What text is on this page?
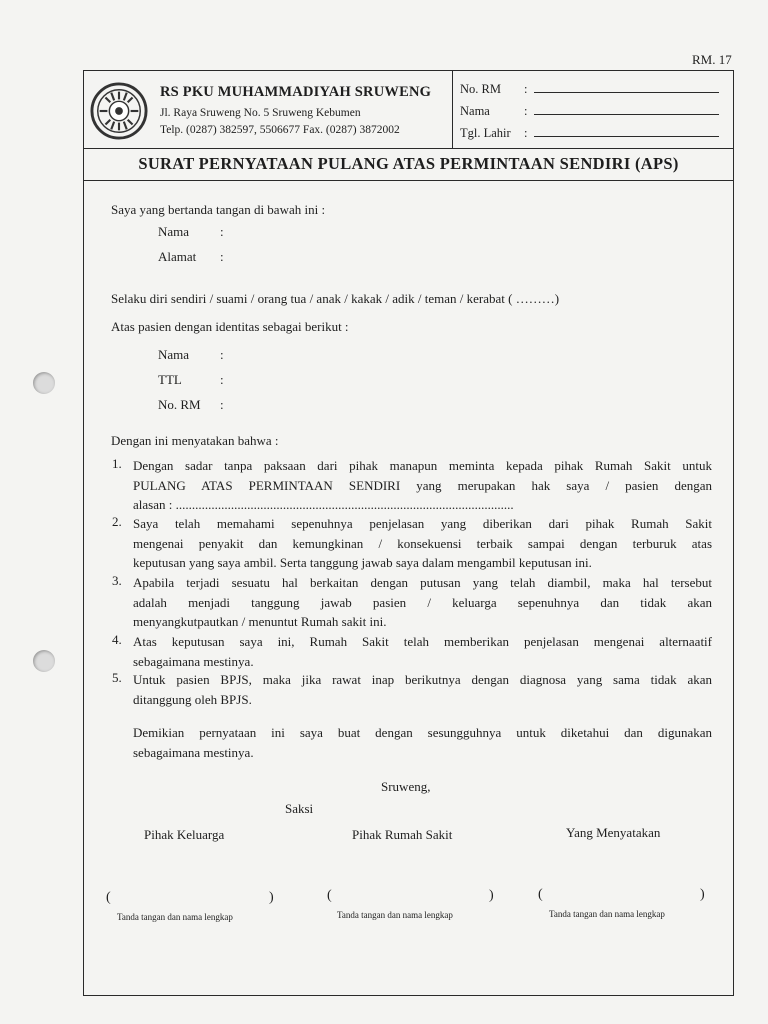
RM. 17
RS PKU MUHAMMADIYAH SRUWENG
Jl. Raya Sruweng No. 5 Sruweng Kebumen
Telp. (0287) 382597, 5506677 Fax. (0287) 3872002
No. RM :
Nama	:
Tgl. Lahir :
SURAT PERNYATAAN PULANG ATAS PERMINTAAN SENDIRI (APS)
Saya yang bertanda tangan di bawah ini :
Nama :
Alamat :
Selaku diri sendiri / suami / orang tua / anak / kakak / adik / teman / kerabat ( ………)
Atas pasien dengan identitas sebagai berikut :
Nama :
TTL	:
No. RM :
Dengan ini menyatakan bahwa :
1. Dengan sadar tanpa paksaan dari pihak manapun meminta kepada pihak Rumah Sakit untuk
PULANG ATAS PERMINTAAN SENDIRI yang merupakan hak saya / pasien dengan
alasan : ........................................................................................................
2. Saya telah memahami sepenuhnya penjelasan yang diberikan dari pihak Rumah Sakit
mengenai penyakit dan kemungkinan / konsekuensi terbaik sampai dengan terburuk atas
keputusan yang saya ambil. Serta tanggung jawab saya dalam mengambil keputusan ini.
3. Apabila terjadi sesuatu hal berkaitan dengan putusan yang telah diambil, maka hal tersebut
adalah menjadi tanggung jawab pasien / keluarga sepenuhnya dan tidak akan
menyangkutpautkan / menuntut Rumah sakit ini.
4. Atas keputusan saya ini, Rumah Sakit telah memberikan penjelasan mengenai alternaatif
sebagaimana mestinya.
5. Untuk pasien BPJS, maka jika rawat inap berikutnya dengan diagnosa yang sama tidak akan
ditanggung oleh BPJS.
Demikian pernyataan ini saya buat dengan sesungguhnya untuk diketahui dan digunakan
sebagaimana mestinya.
Sruweng,
Saksi
Pihak Keluarga	Pihak Rumah Sakit	Yang Menyatakan
(	)
Tanda tangan dan nama lengkap
(	)
Tanda tangan dan nama lengkap
(	)
Tanda tangan dan nama lengkap
